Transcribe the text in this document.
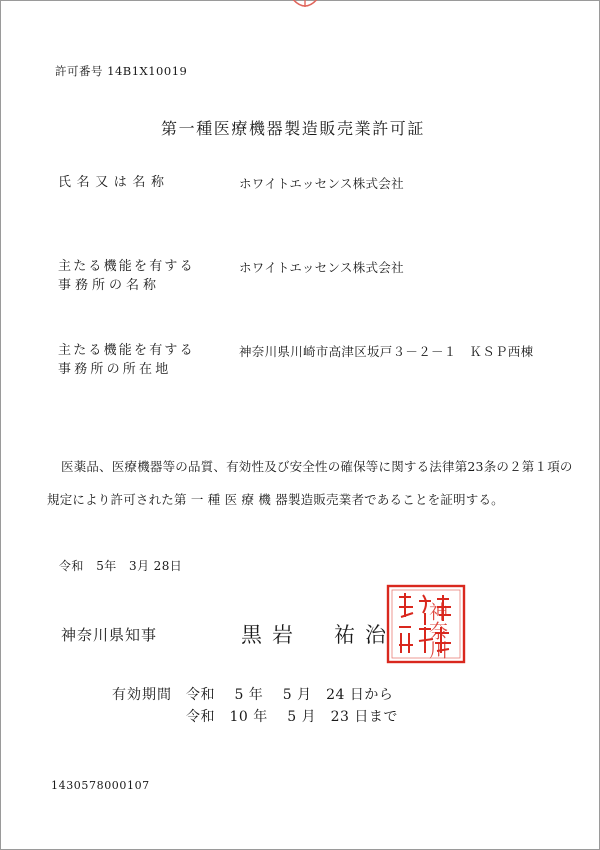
許可番号 14B1X10019
第一種医療機器製造販売業許可証
氏名又は名称	ホワイトエッセンス株式会社
主たる機能を有する
事務所の名称
ホワイトエッセンス株式会社
主たる機能を有する
事務所の所在地
神奈川県川崎市高津区坂戸３－２－１　ＫＳＰ西棟
医薬品、医療機器等の品質、有効性及び安全性の確保等に関する法律第23条の２第１項の
規定により許可された第 一 種 医 療 機 器製造販売業者であることを証明する。
令和　5年　3月 28日
神奈川県知事	黒岩　祐治 神奈川
有効期間 令和　 5 年　 5 月　24 日から
令和　10 年　 5 月　23 日まで
1430578000107
